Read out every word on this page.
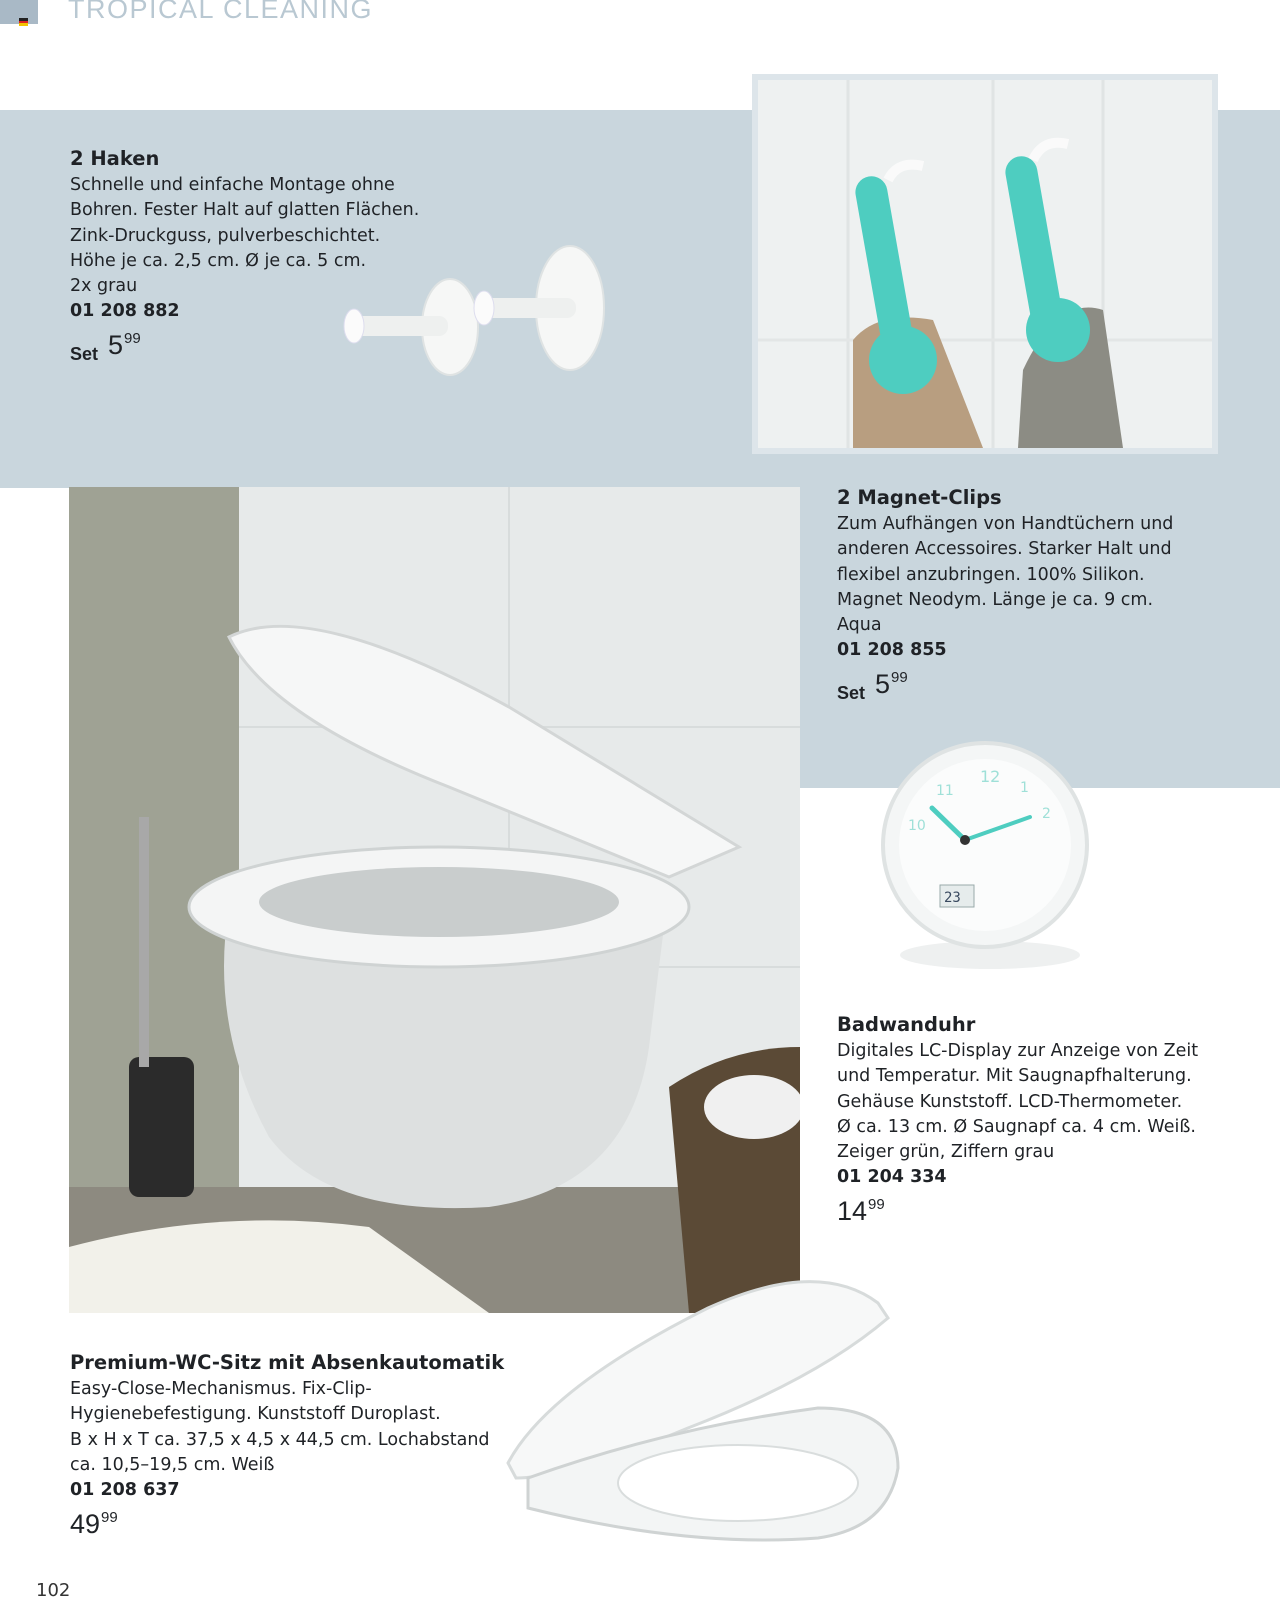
TROPICAL CLEANING
12
11
10
1
2
23
2 Haken
Schnelle und einfache Montage ohne
Bohren. Fester Halt auf glatten Flächen.
Zink-Druckguss, pulverbeschichtet.
Höhe je ca. 2,5 cm. Ø je ca. 5 cm.
2x grau
01 208 882
Set 5 99
2 Magnet-Clips
Zum Aufhängen von Handtüchern und
anderen Accessoires. Starker Halt und
flexibel anzubringen. 100% Silikon.
Magnet Neodym. Länge je ca. 9 cm.
Aqua
01 208 855
Set 5 99
Badwanduhr
Digitales LC-Display zur Anzeige von Zeit
und Temperatur. Mit Saugnapfhalterung.
Gehäuse Kunststoff. LCD-Thermometer.
Ø ca. 13 cm. Ø Saugnapf ca. 4 cm. Weiß.
Zeiger grün, Ziffern grau
01 204 334
14 99
Premium-WC-Sitz mit Absenkautomatik
Easy-Close-Mechanismus. Fix-Clip-
Hygienebefestigung. Kunststoff Duroplast.
B x H x T ca. 37,5 x 4,5 x 44,5 cm. Lochabstand
ca. 10,5–19,5 cm. Weiß
01 208 637
49 99
102
